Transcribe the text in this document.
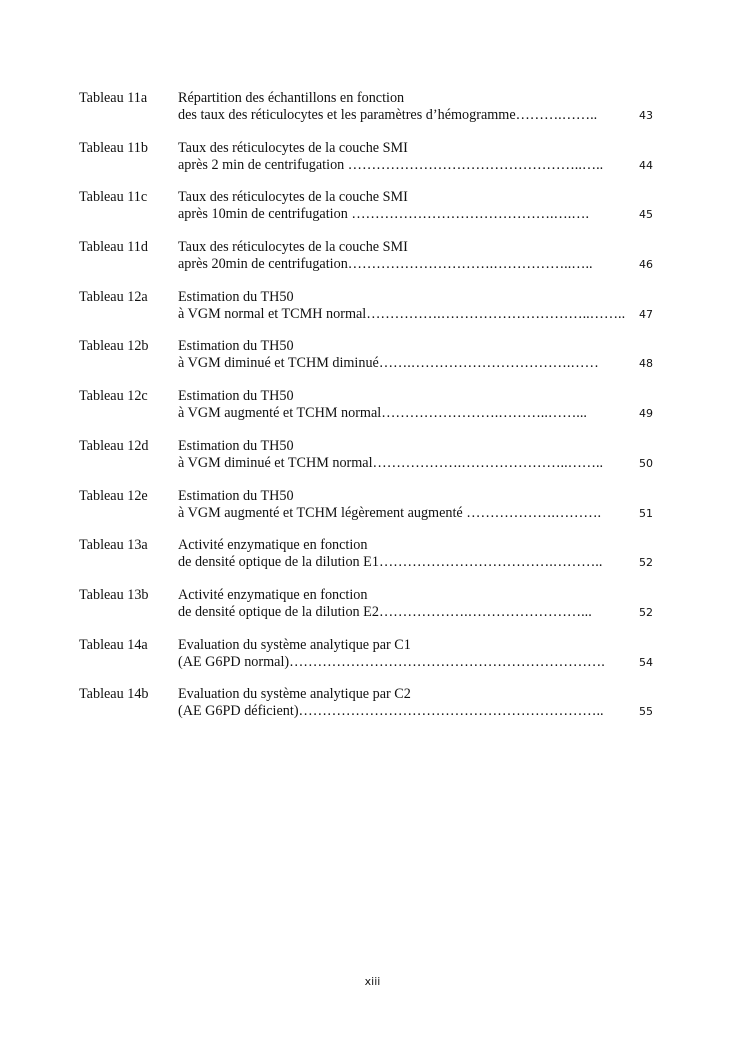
Tableau 11a Répartition des échantillons en fonction
des taux des réticulocytes et les paramètres d’hémogramme……….……..	43
Tableau 11b Taux des réticulocytes de la couche SMI
après 2 min de centrifugation …………………………………………..…..	44
Tableau 11c Taux des réticulocytes de la couche SMI
après 10min de centrifugation …………………………………….….….	45
Tableau 11d Taux des réticulocytes de la couche SMI
après 20min de centrifugation………………………….……………..…..	46
Tableau 12a Estimation du TH50
à VGM normal et TCMH normal…………….…………………………..…….. 47
Tableau 12b Estimation du TH50
à VGM diminué et TCHM diminué…….…………………………….……	48
Tableau 12c Estimation du TH50
à VGM augmenté et TCHM normal…………………….………..……...	49
Tableau 12d Estimation du TH50
à VGM diminué et TCHM normal……………….…………………..……..	50
Tableau 12e Estimation du TH50
à VGM augmenté et TCHM légèrement augmenté ……………….……….	51
Tableau 13a Activité enzymatique en fonction
de densité optique de la dilution E1……………………………….………..	52
Tableau 13b Activité enzymatique en fonction
de densité optique de la dilution E2……………….……………………...	52
Tableau 14a Evaluation du système analytique par C1
(AE G6PD normal)………………………………………………………….	54
Tableau 14b Evaluation du système analytique par C2
(AE G6PD déficient)………………………………………………………..	55
xiii
